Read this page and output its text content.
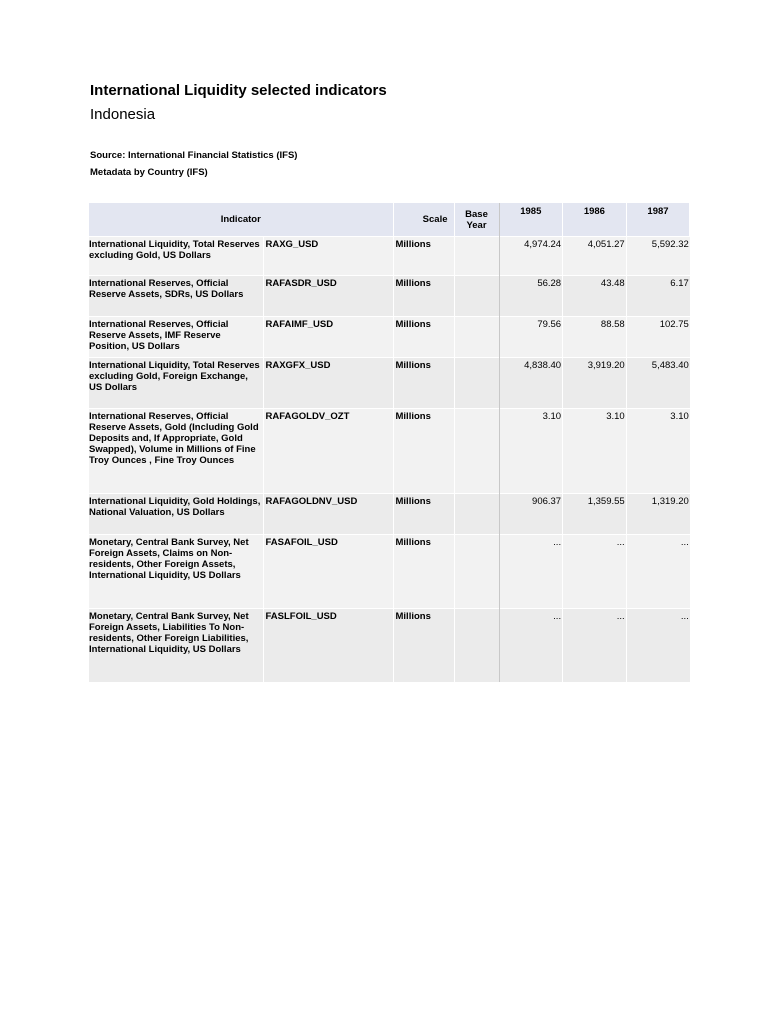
International Liquidity selected indicators
Indonesia
Source: International Financial Statistics (IFS)
Metadata by Country (IFS)
Indicator		Scale	Base Year	1985	1986	1987
International Liquidity, Total Reserves excluding Gold, US Dollars	RAXG_USD	Millions		4,974.24	4,051.27	5,592.32
International Reserves, Official Reserve Assets, SDRs, US Dollars	RAFASDR_USD	Millions		56.28	43.48	6.17
International Reserves, Official Reserve Assets, IMF Reserve Position, US Dollars	RAFAIMF_USD	Millions		79.56	88.58	102.75
International Liquidity, Total Reserves excluding Gold, Foreign Exchange, US Dollars	RAXGFX_USD	Millions		4,838.40	3,919.20	5,483.40
International Reserves, Official Reserve Assets, Gold (Including Gold Deposits and, If Appropriate, Gold Swapped), Volume in Millions of Fine Troy Ounces , Fine Troy Ounces	RAFAGOLDV_OZT	Millions		3.10	3.10	3.10
International Liquidity, Gold Holdings, National Valuation, US Dollars	RAFAGOLDNV_USD	Millions		906.37	1,359.55	1,319.20
Monetary, Central Bank Survey, Net Foreign Assets, Claims on Non-residents, Other Foreign Assets, International Liquidity, US Dollars	FASAFOIL_USD	Millions		...	...	...
Monetary, Central Bank Survey, Net Foreign Assets, Liabilities To Non-residents, Other Foreign Liabilities, International Liquidity, US Dollars	FASLFOIL_USD	Millions		...	...	...
